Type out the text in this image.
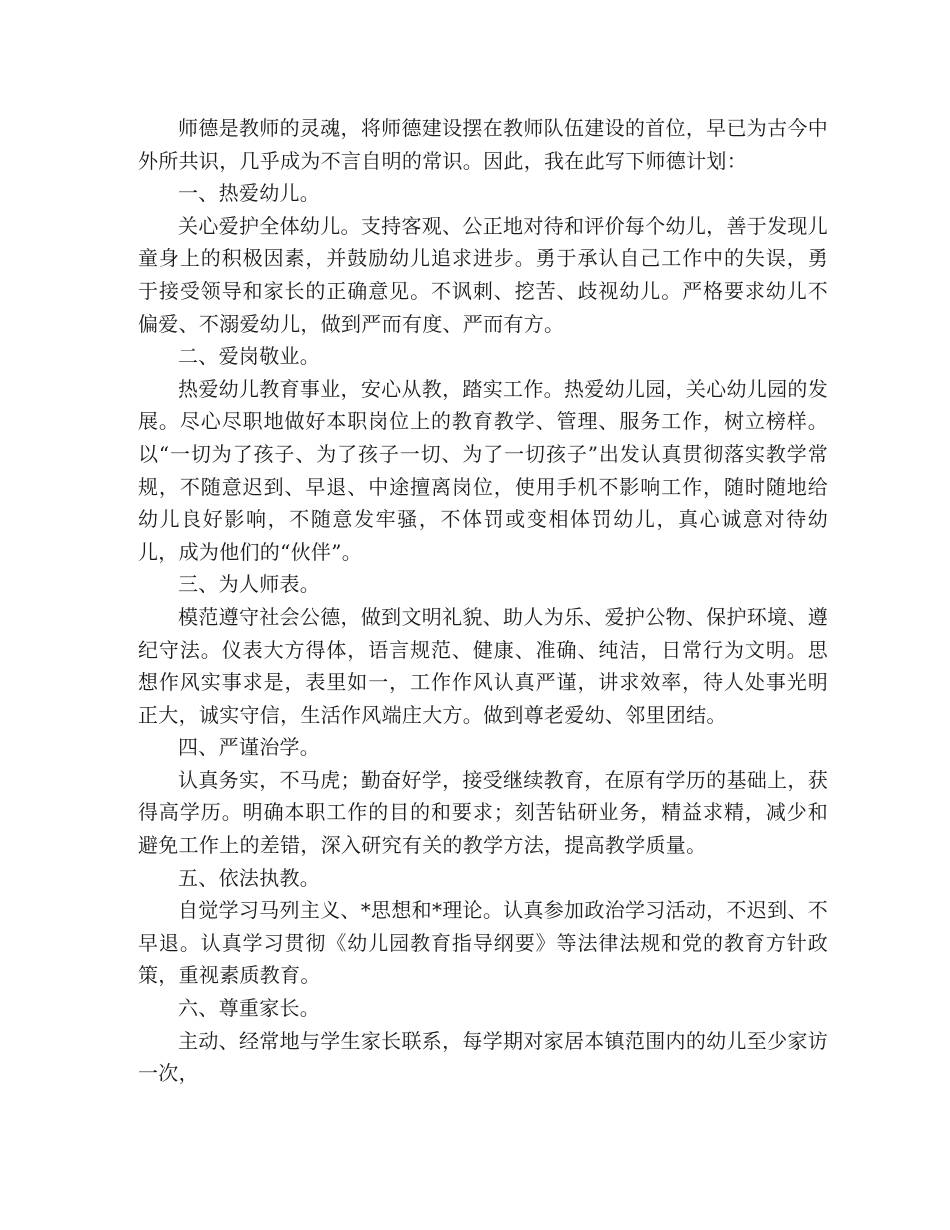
师德是教师的灵魂，将师德建设摆在教师队伍建设的首位，早已为古今中外所共识，几乎成为不言自明的常识。因此，我在此写下师德计划：

一、热爱幼儿。

关心爱护全体幼儿。支持客观、公正地对待和评价每个幼儿，善于发现儿童身上的积极因素，并鼓励幼儿追求进步。勇于承认自己工作中的失误，勇于接受领导和家长的正确意见。不讽刺、挖苦、歧视幼儿。严格要求幼儿不偏爱、不溺爱幼儿，做到严而有度、严而有方。

二、爱岗敬业。

热爱幼儿教育事业，安心从教，踏实工作。热爱幼儿园，关心幼儿园的发展。尽心尽职地做好本职岗位上的教育教学、管理、服务工作，树立榜样。以“一切为了孩子、为了孩子一切、为了一切孩子”出发认真贯彻落实教学常规，不随意迟到、早退、中途擅离岗位，使用手机不影响工作，随时随地给幼儿良好影响，不随意发牢骚，不体罚或变相体罚幼儿，真心诚意对待幼儿，成为他们的“伙伴”。

三、为人师表。

模范遵守社会公德，做到文明礼貌、助人为乐、爱护公物、保护环境、遵纪守法。仪表大方得体，语言规范、健康、准确、纯洁，日常行为文明。思想作风实事求是，表里如一，工作作风认真严谨，讲求效率，待人处事光明正大，诚实守信，生活作风端庄大方。做到尊老爱幼、邻里团结。

四、严谨治学。

认真务实，不马虎；勤奋好学，接受继续教育，在原有学历的基础上，获得高学历。明确本职工作的目的和要求；刻苦钻研业务，精益求精，减少和避免工作上的差错，深入研究有关的教学方法，提高教学质量。

五、依法执教。

自觉学习马列主义、*思想和*理论。认真参加政治学习活动，不迟到、不早退。认真学习贯彻《幼儿园教育指导纲要》等法律法规和党的教育方针政策，重视素质教育。

六、尊重家长。

主动、经常地与学生家长联系，每学期对家居本镇范围内的幼儿至少家访一次，
